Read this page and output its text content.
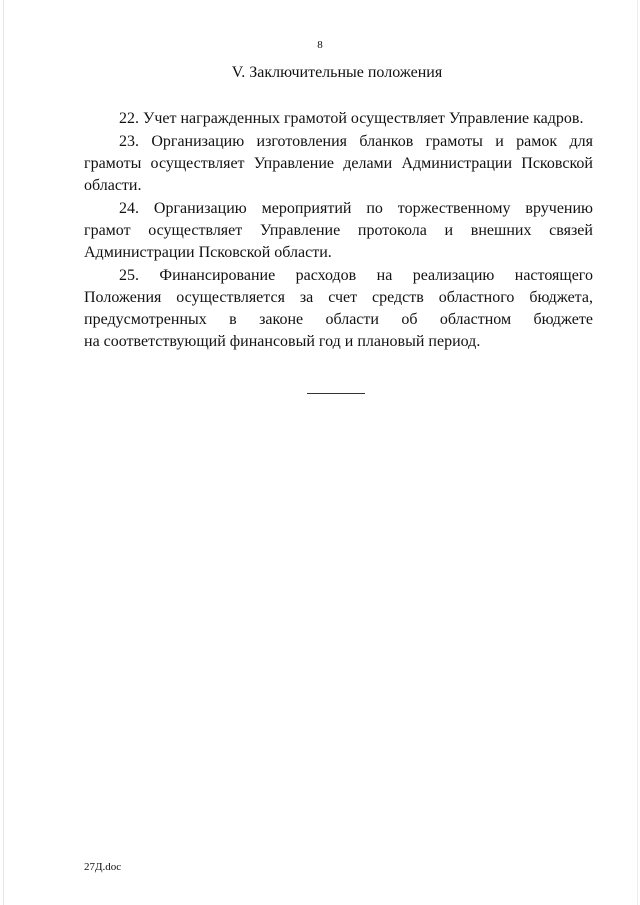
8
V. Заключительные положения
22. Учет награжденных грамотой осуществляет Управление кадров.
23. Организацию изготовления бланков грамоты и рамок для
грамоты осуществляет Управление делами Администрации Псковской
области.
24. Организацию мероприятий по торжественному вручению
грамот осуществляет Управление протокола и внешних связей
Администрации Псковской области.
25. Финансирование расходов на реализацию настоящего
Положения осуществляется за счет средств областного бюджета,
предусмотренных в законе области об областном бюджете
на соответствующий финансовый год и плановый период.
27Д.doc
